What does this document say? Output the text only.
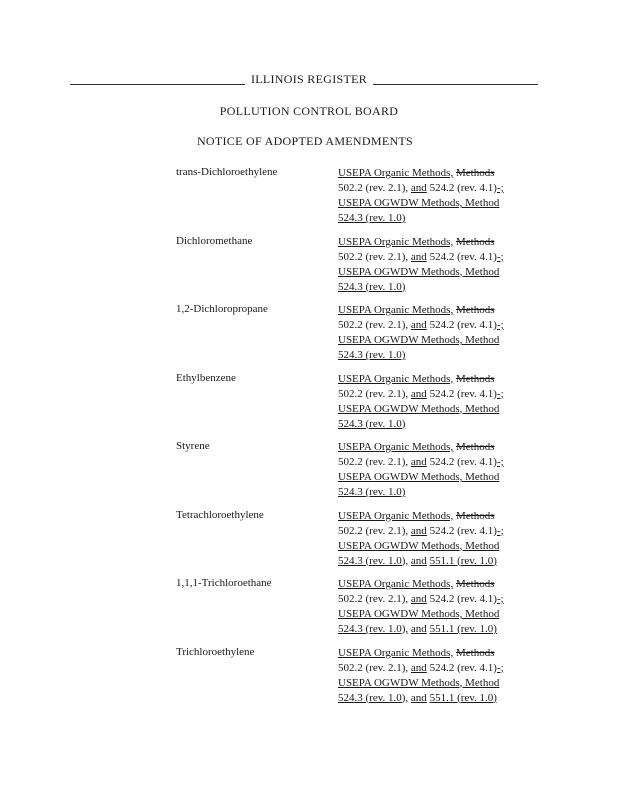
ILLINOIS REGISTER
POLLUTION CONTROL BOARD
NOTICE OF ADOPTED AMENDMENTS
trans-Dichloroethylene	USEPA Organic Methods, Methods
502.2 (rev. 2.1), and 524.2 (rev. 4.1)-;
USEPA OGWDW Methods, Method
524.3 (rev. 1.0)
Dichloromethane	USEPA Organic Methods, Methods
502.2 (rev. 2.1), and 524.2 (rev. 4.1)-;
USEPA OGWDW Methods, Method
524.3 (rev. 1.0)
1,2-Dichloropropane	USEPA Organic Methods, Methods
502.2 (rev. 2.1), and 524.2 (rev. 4.1)-;
USEPA OGWDW Methods, Method
524.3 (rev. 1.0)
Ethylbenzene	USEPA Organic Methods, Methods
502.2 (rev. 2.1), and 524.2 (rev. 4.1)-;
USEPA OGWDW Methods, Method
524.3 (rev. 1.0)
Styrene	USEPA Organic Methods, Methods
502.2 (rev. 2.1), and 524.2 (rev. 4.1)-;
USEPA OGWDW Methods, Method
524.3 (rev. 1.0)
Tetrachloroethylene	USEPA Organic Methods, Methods
502.2 (rev. 2.1), and 524.2 (rev. 4.1)-;
USEPA OGWDW Methods, Method
524.3 (rev. 1.0), and 551.1 (rev. 1.0)
1,1,1-Trichloroethane	USEPA Organic Methods, Methods
502.2 (rev. 2.1), and 524.2 (rev. 4.1)-;
USEPA OGWDW Methods, Method
524.3 (rev. 1.0), and 551.1 (rev. 1.0)
Trichloroethylene	USEPA Organic Methods, Methods
502.2 (rev. 2.1), and 524.2 (rev. 4.1)-;
USEPA OGWDW Methods, Method
524.3 (rev. 1.0), and 551.1 (rev. 1.0)
